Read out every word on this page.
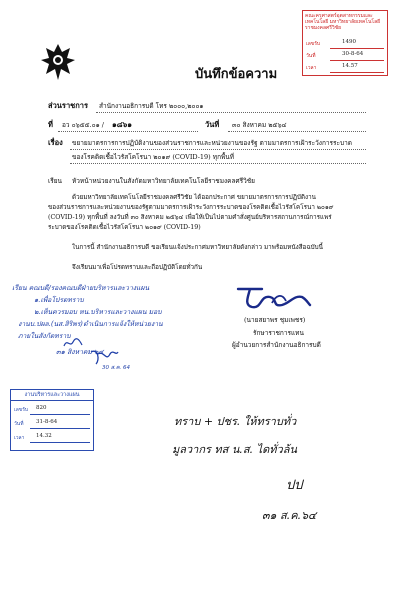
คณะครุศาสตร์อุตสาหกรรมและเทคโนโลยี มหาวิทยาลัยเทคโนโลยีราชมงคลศรีวิชัย
เลขรับ	1490
วันที่	30-8-64
เวลา	14.57
บันทึกข้อความ
ส่วนราชการ สำนักงานอธิการบดี โทร ๒๐๐๐,๒๐๐๑
ที่ อว ๐๖๕๕.๐๑ / ๑๘๖๑	วันที่ ๓๐ สิงหาคม ๒๕๖๔
เรื่อง ขยายมาตรการการปฏิบัติงานของส่วนราชการและหน่วยงานของรัฐ ตามมาตรการเฝ้าระวังการระบาด
ของโรคติดเชื้อไวรัสโคโรนา ๒๐๑๙ (COVID-19) ทุกพื้นที่
เรียน หัวหน้าหน่วยงานในสังกัดมหาวิทยาลัยเทคโนโลยีราชมงคลศรีวิชัย
ด้วยมหาวิทยาลัยเทคโนโลยีราชมงคลศรีวิชัย ได้ออกประกาศ ขยายมาตรการการปฏิบัติงาน
ของส่วนราชการและหน่วยงานของรัฐตามมาตรการเฝ้าระวังการระบาดของโรคติดเชื้อไวรัสโคโรนา ๒๐๑๙
(COVID-19) ทุกพื้นที่ ลงวันที่ ๓๐ สิงหาคม ๒๕๖๔ เพื่อให้เป็นไปตามคำสั่งศูนย์บริหารสถานการณ์การแพร่
ระบาดของโรคติดเชื้อไวรัสโคโรนา ๒๐๑๙ (COVID-19)
ในการนี้ สำนักงานอธิการบดี ขอเรียนแจ้งประกาศมหาวิทยาลัยดังกล่าว มาพร้อมหนังสือฉบับนี้
จึงเรียนมาเพื่อโปรดทราบและถือปฏิบัติโดยทั่วกัน
เรียน คณบดี/รองคณบดีฝ่ายบริหารและวางแผน
๑.เพื่อโปรดทราบ
๒.เห็นควรมอบ หน.บริหารและวางแผน มอบ
งานบ.ปผล.(นส.สิริพร)ดำเนินการแจ้งให้หน่วยงาน
ภายในสังกัดทราบ
๓๑ สิงหาคม ๖๔
30 ส.ค. 64
(นายสยาพร ชุมเพชร)
รักษาราชการแทน
ผู้อำนวยการสำนักงานอธิการบดี
งานบริหารและวางแผน
เลขรับ 820
วันที่ 31-8-64
เวลา 14.32
ทราบ + ปชร. ให้ทราบทั่ว
มูลวากร ทส น.ส. ไดทั่วล้น
ปป
๓๑ ส.ค.๖๔
